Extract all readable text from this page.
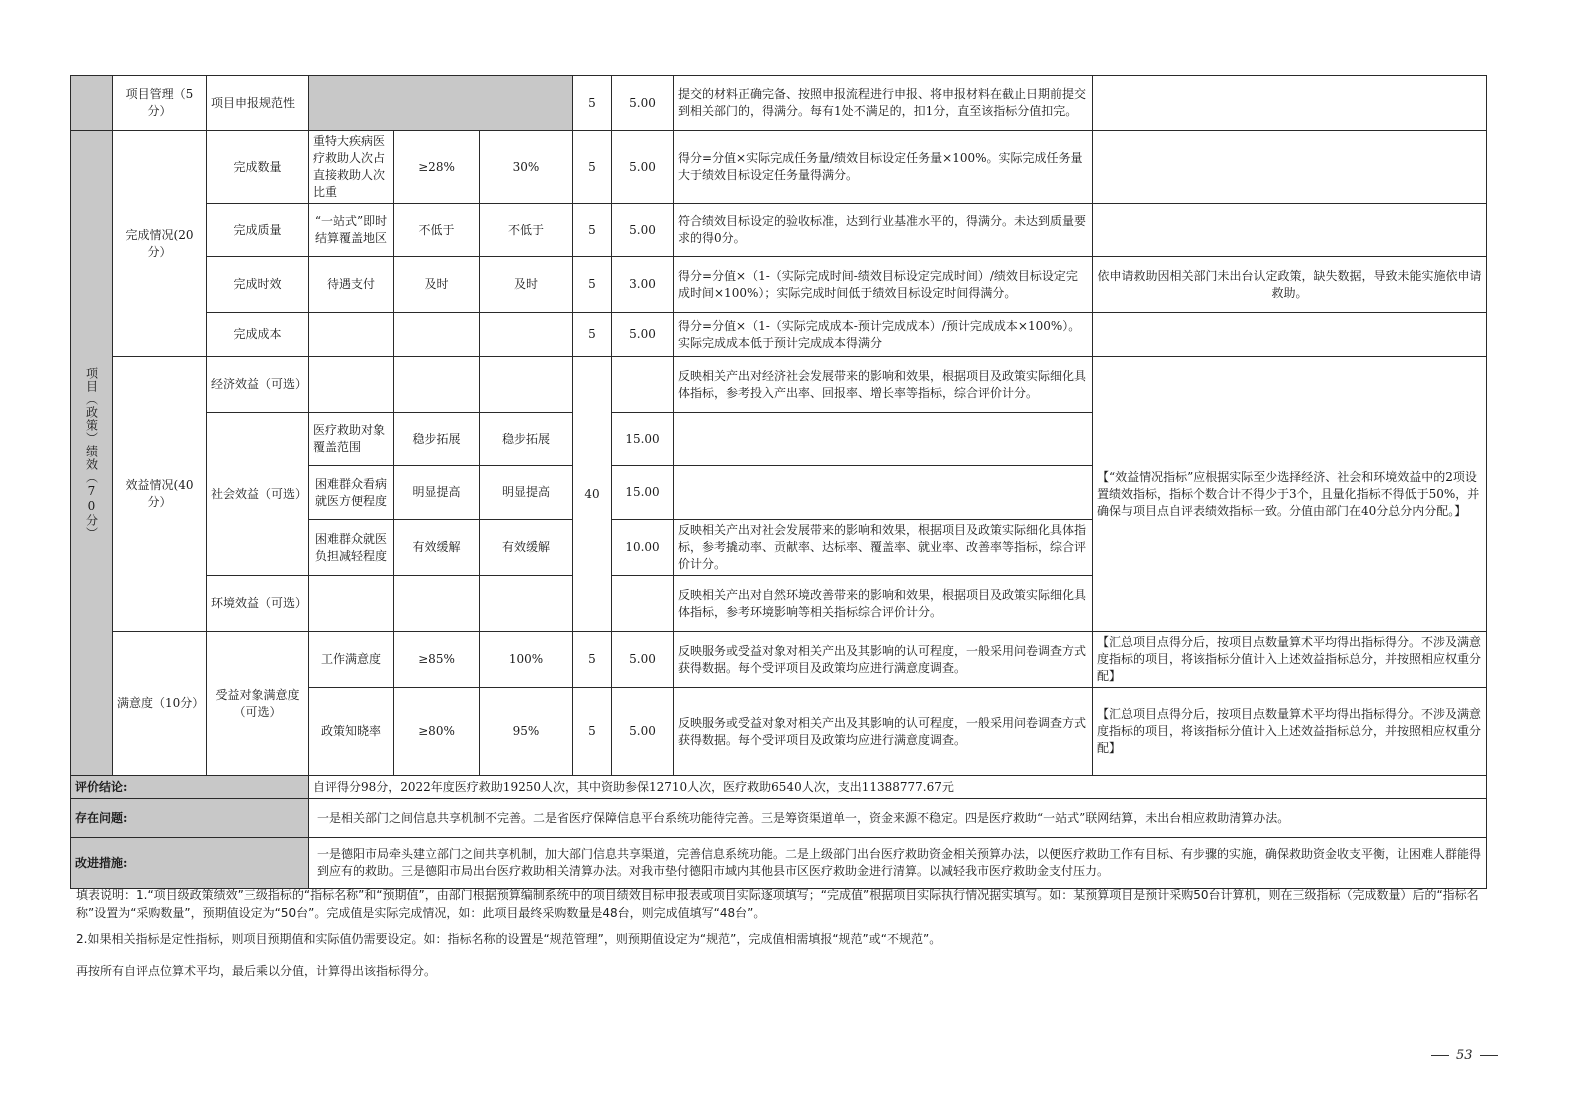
	项目管理（5分）	项目申报规范性				5	5.00	提交的材料正确完备、按照申报流程进行申报、将申报材料在截止日期前提交到相关部门的，得满分。每有1处不满足的，扣1分，直至该指标分值扣完。	

项目（政策）绩效（70分）	完成情况(20分）	完成数量	重特大疾病医疗救助人次占直接救助人次比重	≥28%	30%	5	5.00	得分=分值×实际完成任务量/绩效目标设定任务量×100%。实际完成任务量大于绩效目标设定任务量得满分。	
		完成质量	“一站式”即时结算覆盖地区	不低于	不低于	5	5.00	符合绩效目标设定的验收标准，达到行业基准水平的，得满分。未达到质量要求的得0分。	
		完成时效	待遇支付	及时	及时	5	3.00	得分=分值×（1-（实际完成时间-绩效目标设定完成时间）/绩效目标设定完成时间×100%）；实际完成时间低于绩效目标设定时间得满分。	依申请救助因相关部门未出台认定政策，缺失数据，导致未能实施依申请救助。
		完成成本				5	5.00	得分=分值×（1-（实际完成成本-预计完成成本）/预计完成成本×100%）。实际完成成本低于预计完成成本得满分	
	效益情况(40分）	经济效益（可选）				40		反映相关产出对经济社会发展带来的影响和效果，根据项目及政策实际细化具体指标，参考投入产出率、回报率、增长率等指标，综合评价计分。	【“效益情况指标”应根据实际至少选择经济、社会和环境效益中的2项设置绩效指标，指标个数合计不得少于3个，且量化指标不得低于50%，并确保与项目点自评表绩效指标一致。分值由部门在40分总分内分配。】
		社会效益（可选）	医疗救助对象覆盖范围	稳步拓展	稳步拓展		15.00		
			困难群众看病就医方便程度	明显提高	明显提高		15.00		
			困难群众就医负担减轻程度	有效缓解	有效缓解		10.00	反映相关产出对社会发展带来的影响和效果，根据项目及政策实际细化具体指标，参考撬动率、贡献率、达标率、覆盖率、就业率、改善率等指标，综合评价计分。	
		环境效益（可选）						反映相关产出对自然环境改善带来的影响和效果，根据项目及政策实际细化具体指标，参考环境影响等相关指标综合评价计分。	
	满意度（10分）	受益对象满意度（可选）	工作满意度	≥85%	100%	5	5.00	反映服务或受益对象对相关产出及其影响的认可程度，一般采用问卷调查方式获得数据。每个受评项目及政策均应进行满意度调查。	【汇总项目点得分后，按项目点数量算术平均得出指标得分。不涉及满意度指标的项目，将该指标分值计入上述效益指标总分，并按照相应权重分配】
			政策知晓率	≥80%	95%	5	5.00	反映服务或受益对象对相关产出及其影响的认可程度，一般采用问卷调查方式获得数据。每个受评项目及政策均应进行满意度调查。	【汇总项目点得分后，按项目点数量算术平均得出指标得分。不涉及满意度指标的项目，将该指标分值计入上述效益指标总分，并按照相应权重分配】
评价结论:			自评得分98分，2022年度医疗救助19250人次，其中资助参保12710人次，医疗救助6540人次，支出11388777.67元						
存在问题:			一是相关部门之间信息共享机制不完善。二是省医疗保障信息平台系统功能待完善。三是筹资渠道单一，资金来源不稳定。四是医疗救助“一站式”联网结算，未出台相应救助清算办法。						
改进措施:			一是德阳市局牵头建立部门之间共享机制，加大部门信息共享渠道，完善信息系统功能。二是上级部门出台医疗救助资金相关预算办法，以便医疗救助工作有目标、有步骤的实施，确保救助资金收支平衡，让困难人群能得到应有的救助。三是德阳市局出台医疗救助相关清算办法。对我市垫付德阳市域内其他县市区医疗救助金进行清算。以减轻我市医疗救助金支付压力。						

填表说明：1.“项目级政策绩效”三级指标的“指标名称”和“预期值”，由部门根据预算编制系统中的项目绩效目标申报表或项目实际逐项填写；“完成值”根据项目实际执行情况据实填写。如：某预算项目是预计采购50台计算机，则在三级指标（完成数量）后的“指标名称”设置为“采购数量”，预期值设定为“50台”。完成值是实际完成情况，如：此项目最终采购数量是48台，则完成值填写“48台”。

2.如果相关指标是定性指标，则项目预期值和实际值仍需要设定。如：指标名称的设置是“规范管理”，则预期值设定为“规范”，完成值相需填报“规范”或“不规范”。

再按所有自评点位算术平均，最后乘以分值，计算得出该指标得分。

53
